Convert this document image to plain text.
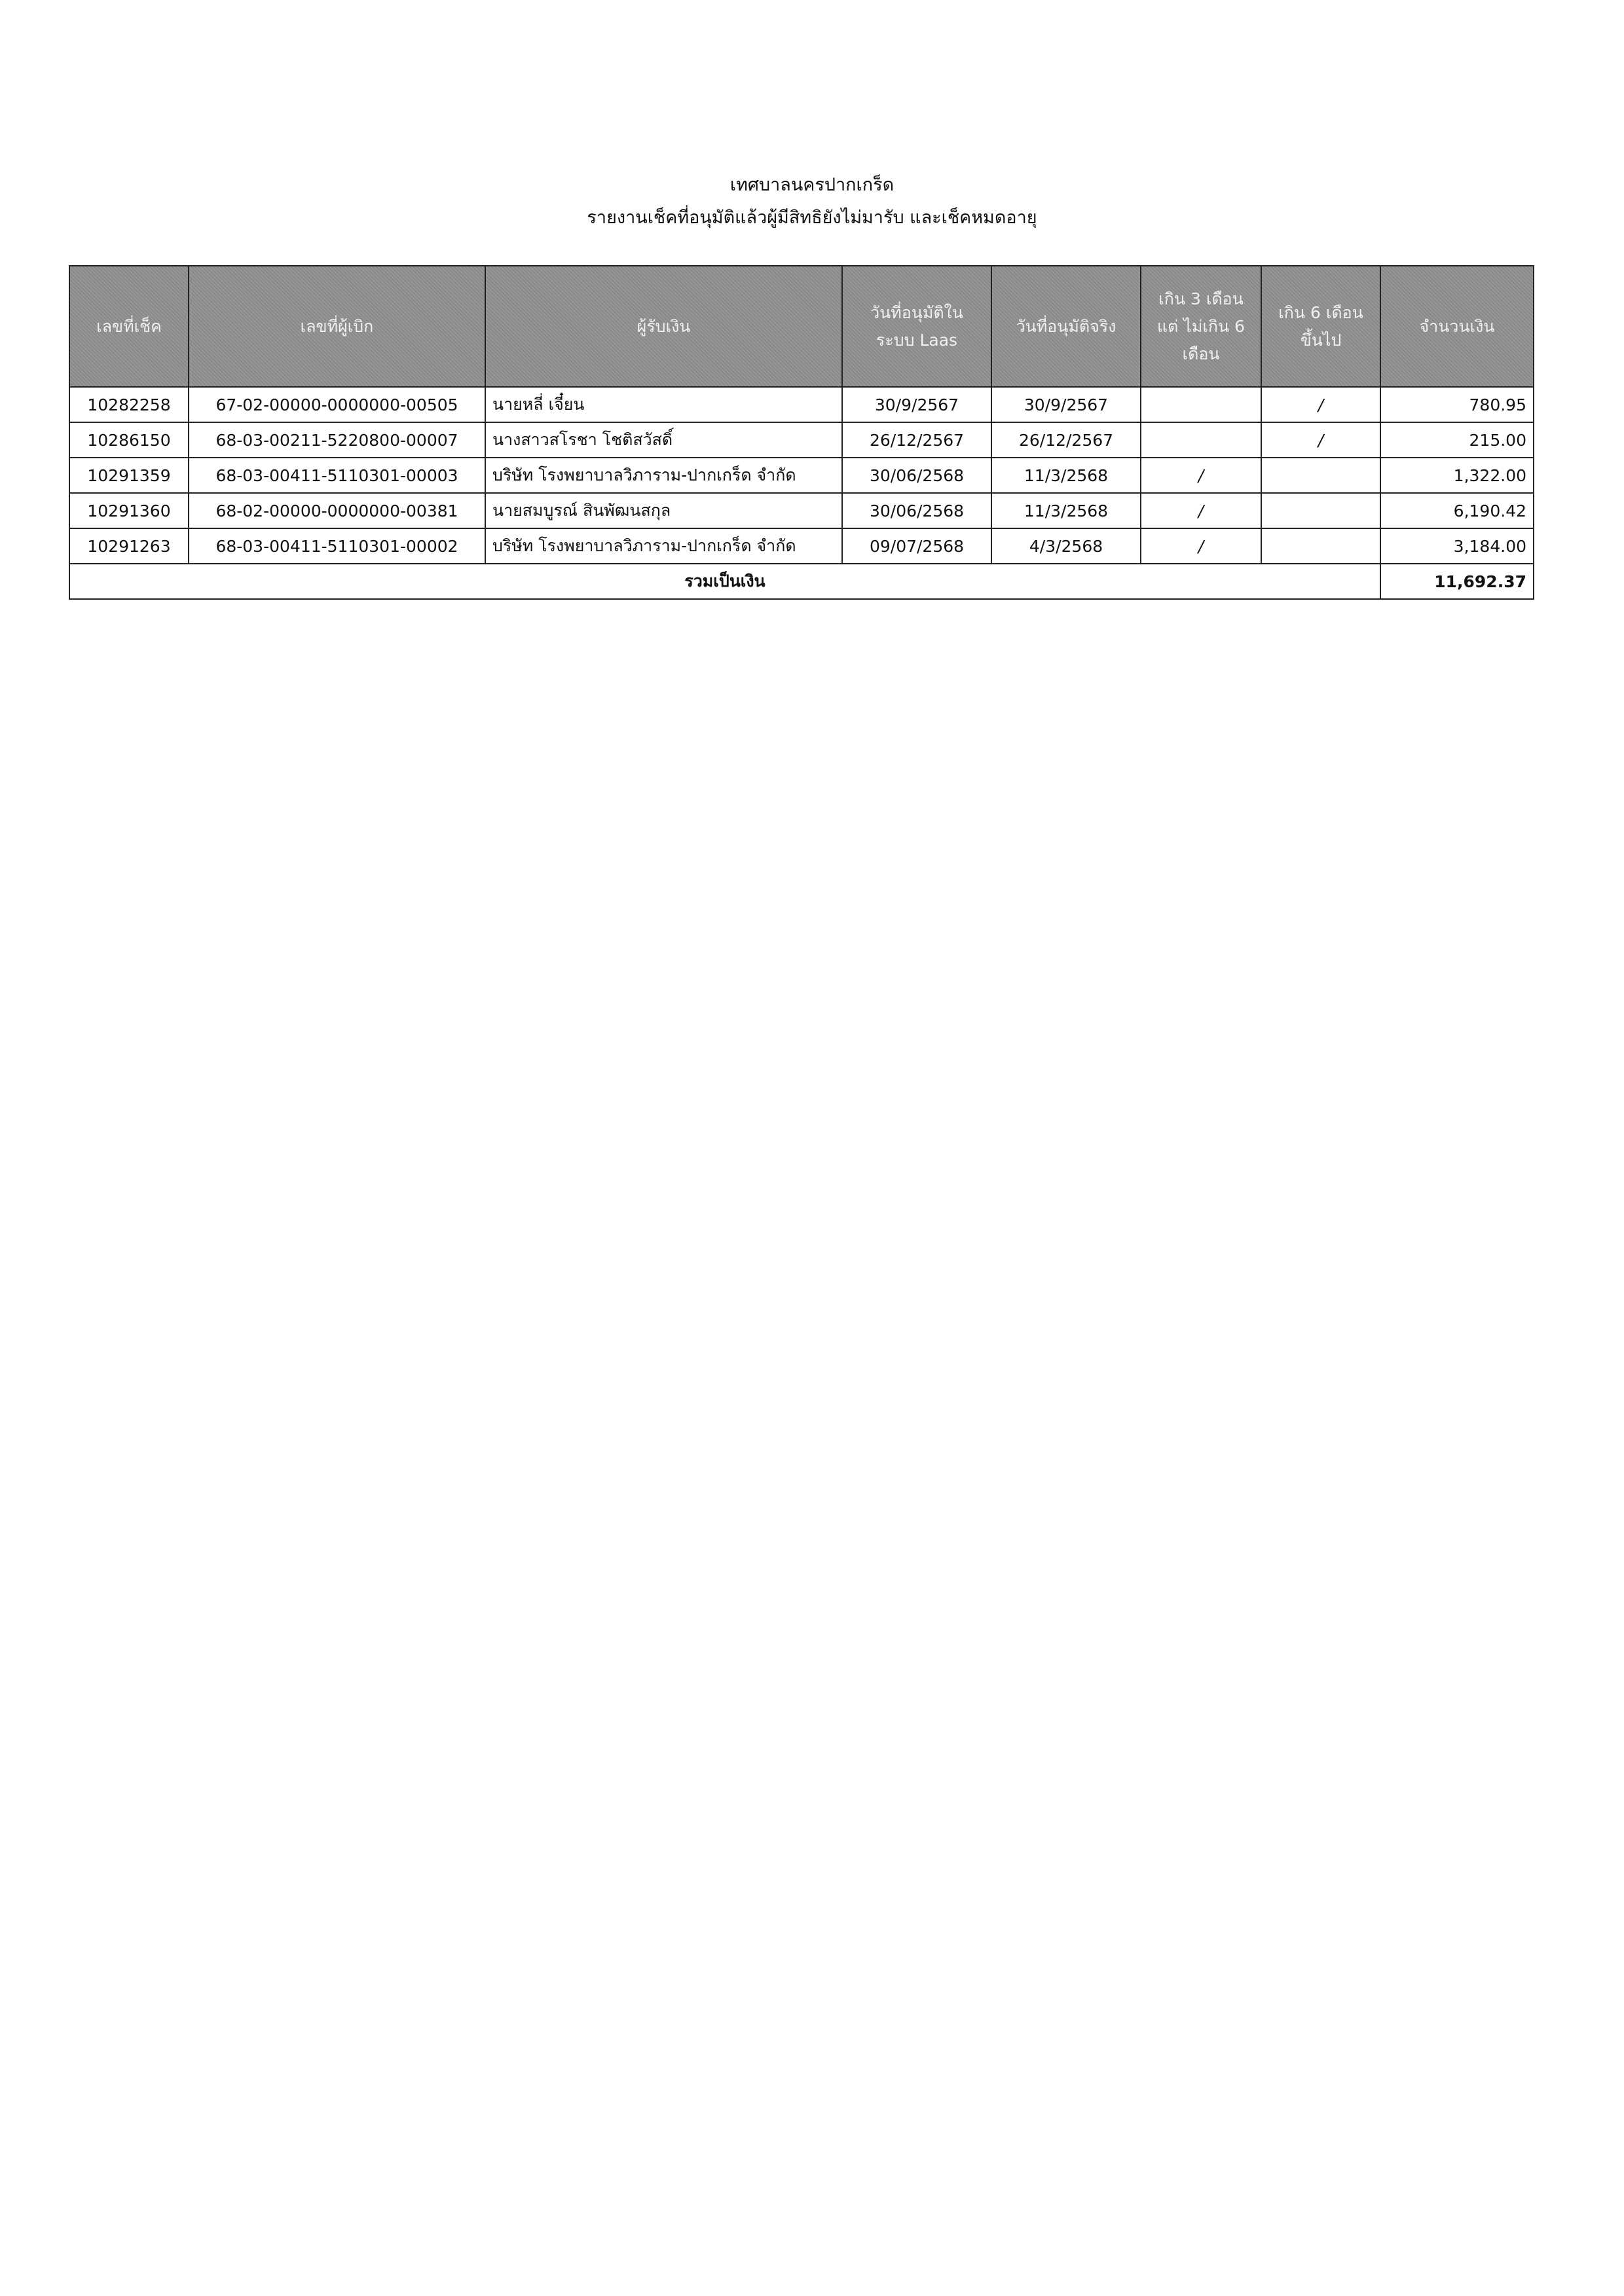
เทศบาลนครปากเกร็ด

รายงานเช็คที่อนุมัติแล้วผู้มีสิทธิยังไม่มารับ และเช็คหมดอายุ

เลขที่เช็ค	เลขที่ผู้เบิก	ผู้รับเงิน	วันที่อนุมัติใน ระบบ Laas	วันที่อนุมัติจริง	เกิน 3 เดือน แต่ ไม่เกิน 6 เดือน	เกิน 6 เดือน ขึ้นไป	จำนวนเงิน
10282258	67-02-00000-0000000-00505	นายหลี่ เจี๋ยน	30/9/2567	30/9/2567		/	780.95
10286150	68-03-00211-5220800-00007	นางสาวสโรชา โชติสวัสดิ์	26/12/2567	26/12/2567		/	215.00
10291359	68-03-00411-5110301-00003	บริษัท โรงพยาบาลวิภาราม-ปากเกร็ด จำกัด	30/06/2568	11/3/2568	/		1,322.00
10291360	68-02-00000-0000000-00381	นายสมบูรณ์ สินพัฒนสกุล	30/06/2568	11/3/2568	/		6,190.42
10291263	68-03-00411-5110301-00002	บริษัท โรงพยาบาลวิภาราม-ปากเกร็ด จำกัด	09/07/2568	4/3/2568	/		3,184.00
รวมเป็นเงิน							11,692.37
